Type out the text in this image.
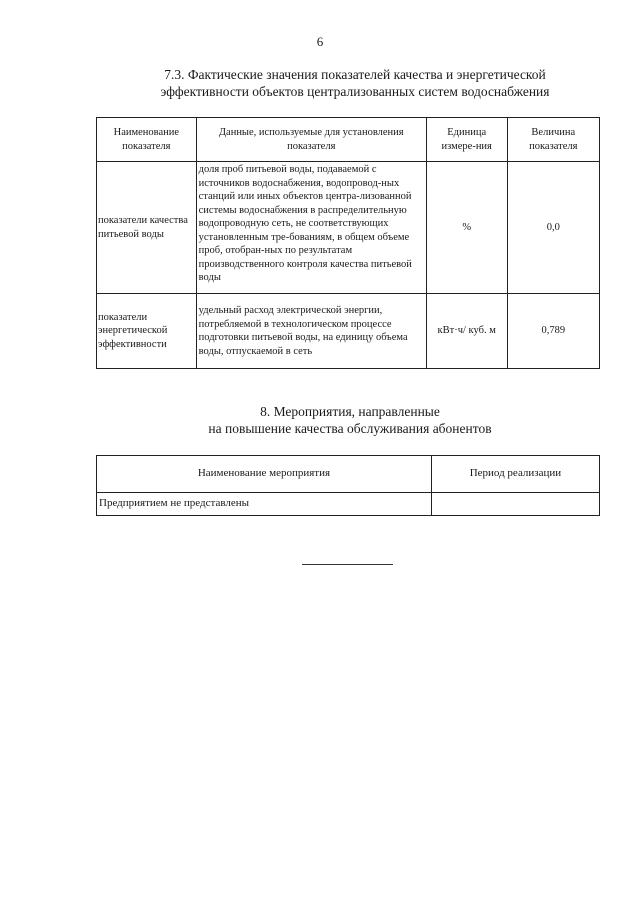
6
7.3. Фактические значения показателей качества и энергетической
эффективности объектов централизованных систем водоснабжения
Наименование показателя	Данные, используемые для установления показателя	Единица измере-ния	Величина показателя
показатели качества питьевой воды	доля проб питьевой воды, подаваемой с источников водоснабжения, водопровод-ных станций или иных объектов центра-лизованной системы водоснабжения в распределительную водопроводную сеть, не соответствующих установленным тре-бованиям, в общем объеме проб, отобран-ных по результатам производственного контроля качества питьевой воды	%	0,0
показатели энергетической эффективности	удельный расход электрической энергии, потребляемой в технологическом процессе подготовки питьевой воды, на единицу объема воды, отпускаемой в сеть	кВт·ч/ куб. м	0,789
8. Мероприятия, направленные
на повышение качества обслуживания абонентов
Наименование мероприятия	Период реализации
Предприятием не представлены	
